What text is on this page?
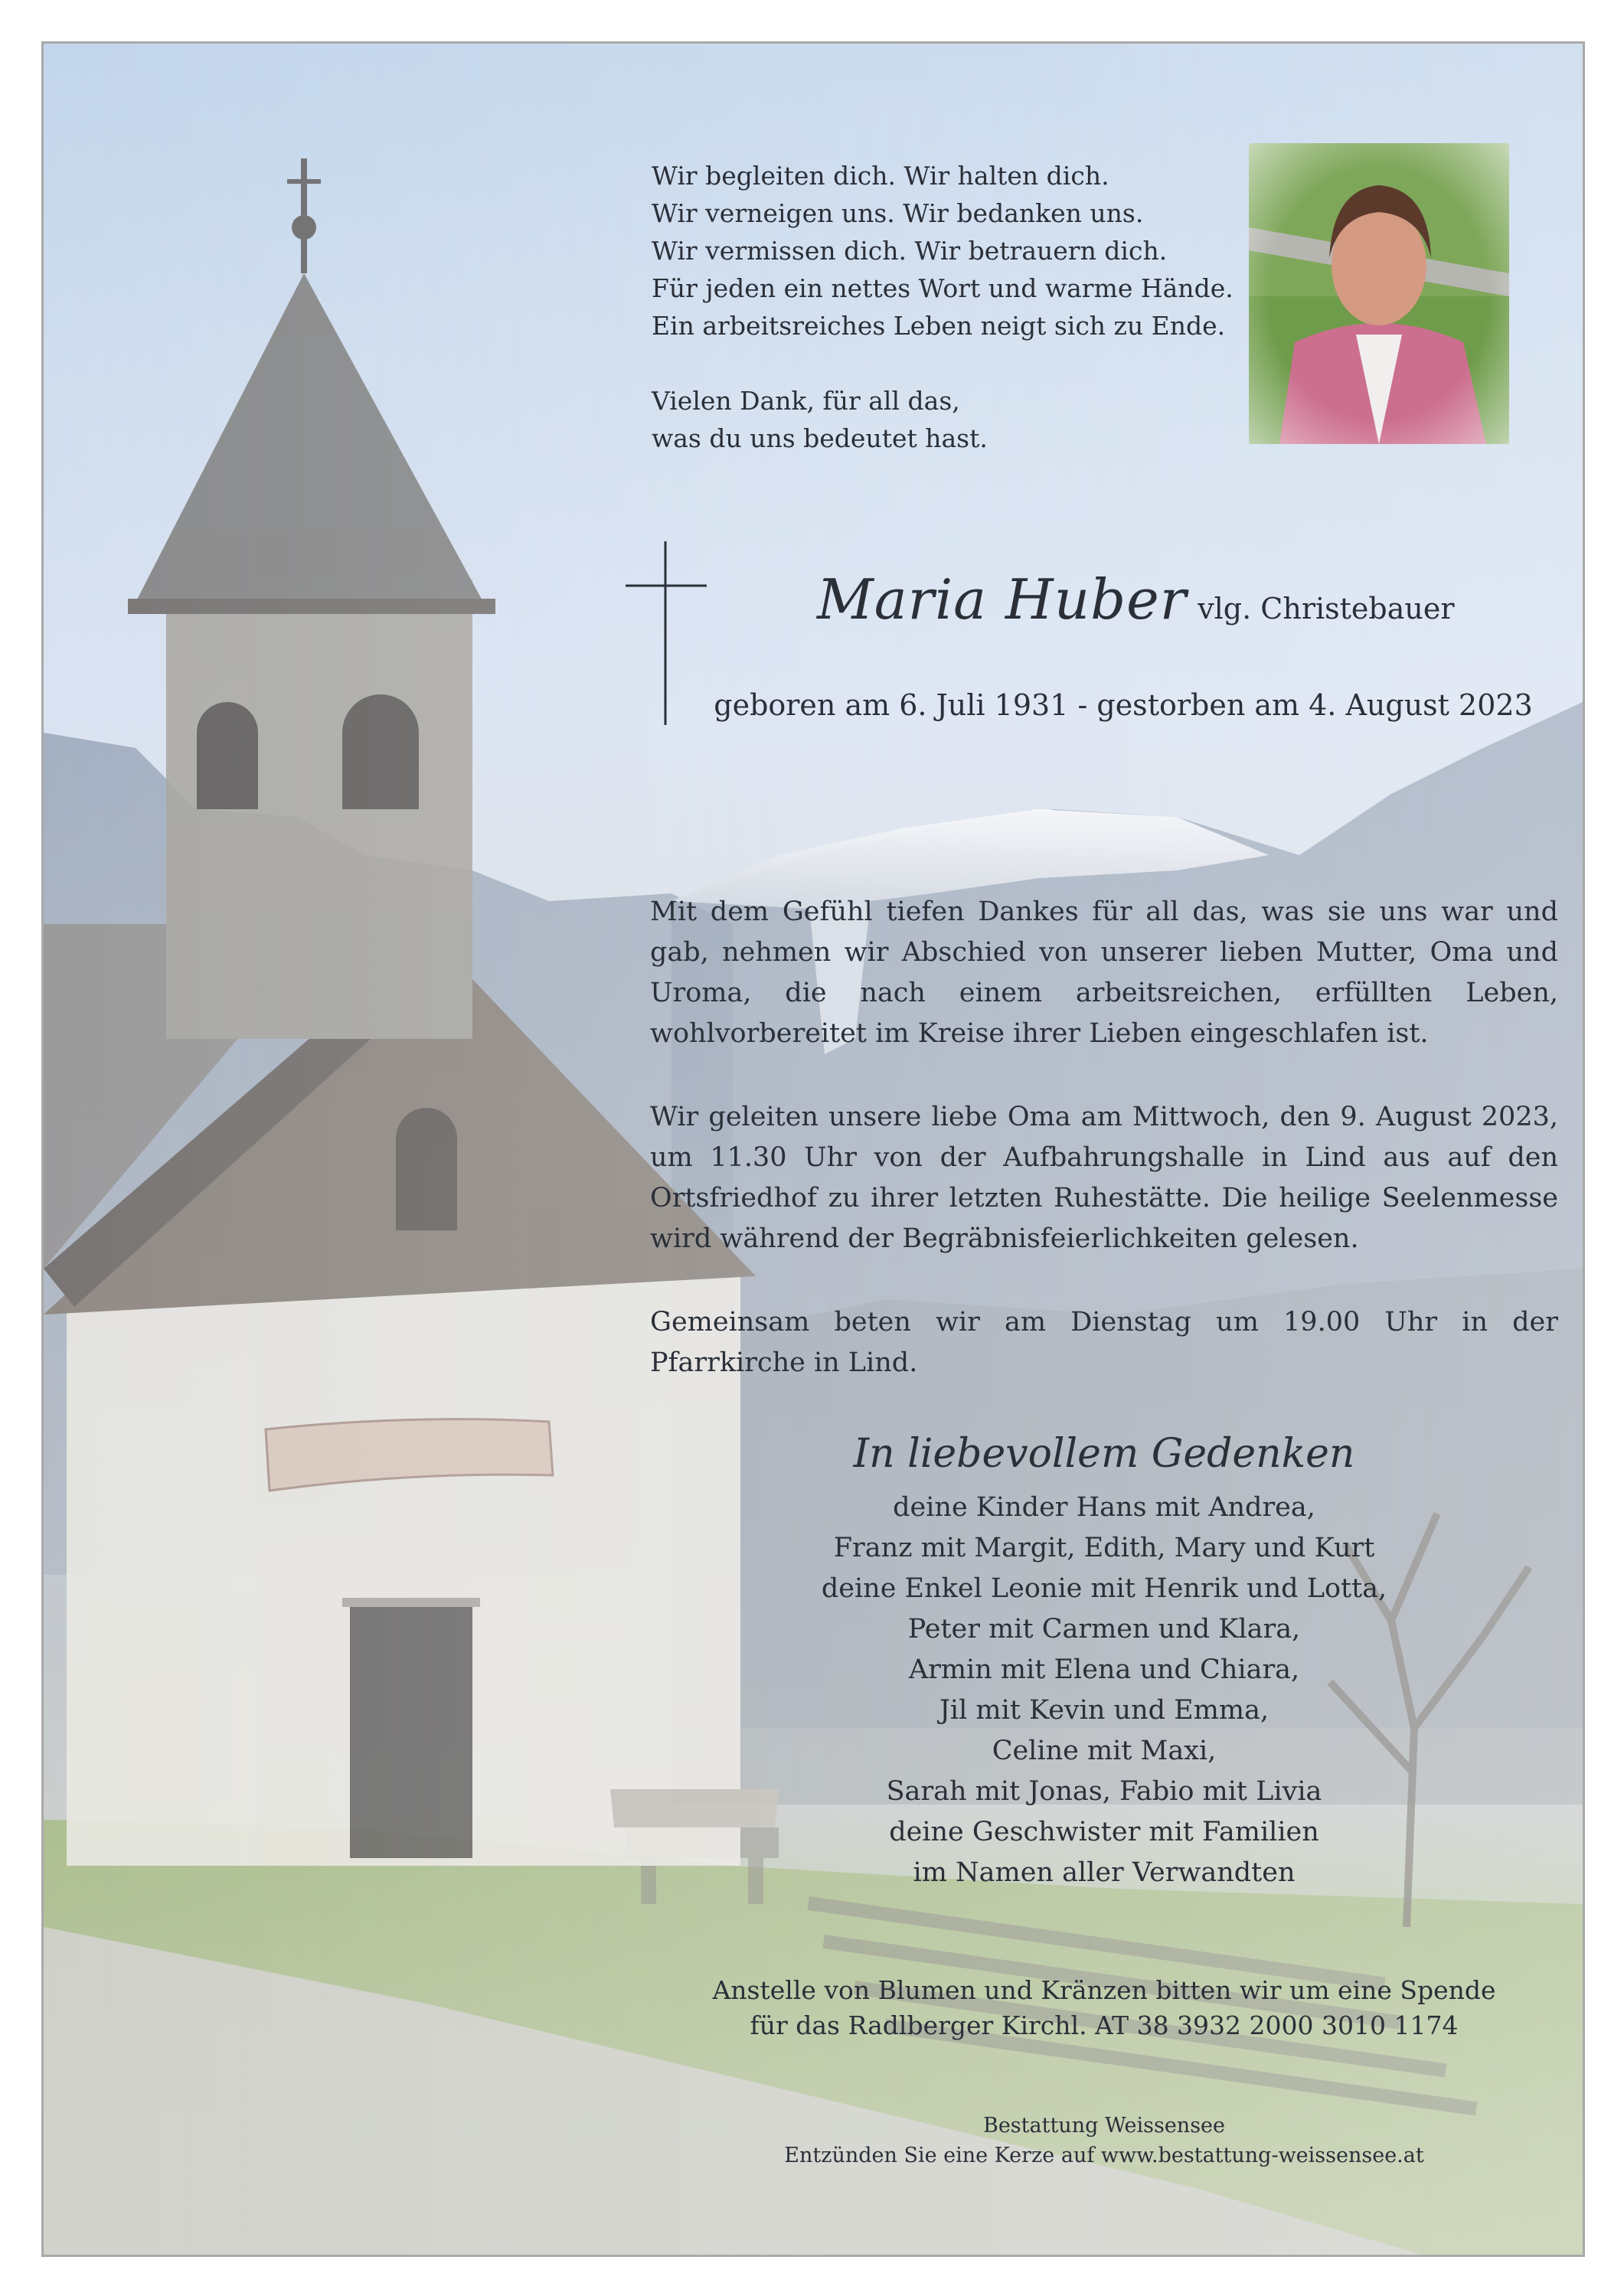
Wir begleiten dich. Wir halten dich.
Wir verneigen uns. Wir bedanken uns.
Wir vermissen dich. Wir betrauern dich.
Für jeden ein nettes Wort und warme Hände.
Ein arbeitsreiches Leben neigt sich zu Ende.
Vielen Dank, für all das,
was du uns bedeutet hast.
Maria Huber vlg. Christebauer
geboren am 6. Juli 1931 - gestorben am 4. August 2023
Mit dem Gefühl tiefen Dankes für all das, was sie uns war und gab, nehmen wir Abschied von unserer lieben Mutter, Oma und Uroma, die nach einem arbeitsreichen, erfüllten Leben, wohlvorbereitet im Kreise ihrer Lieben eingeschlafen ist.
Wir geleiten unsere liebe Oma am Mittwoch, den 9. August 2023, um 11.30 Uhr von der Aufbahrungshalle in Lind aus auf den Ortsfriedhof zu ihrer letzten Ruhestätte. Die heilige Seelenmesse wird während der Begräbnisfeierlichkeiten gelesen.
Gemeinsam beten wir am Dienstag um 19.00 Uhr in der Pfarrkirche in Lind.
In liebevollem Gedenken
deine Kinder Hans mit Andrea,
Franz mit Margit, Edith, Mary und Kurt
deine Enkel Leonie mit Henrik und Lotta,
Peter mit Carmen und Klara,
Armin mit Elena und Chiara,
Jil mit Kevin und Emma,
Celine mit Maxi,
Sarah mit Jonas, Fabio mit Livia
deine Geschwister mit Familien
im Namen aller Verwandten
Anstelle von Blumen und Kränzen bitten wir um eine Spende
für das Radlberger Kirchl. AT 38 3932 2000 3010 1174
Bestattung Weissensee
Entzünden Sie eine Kerze auf www.bestattung-weissensee.at
